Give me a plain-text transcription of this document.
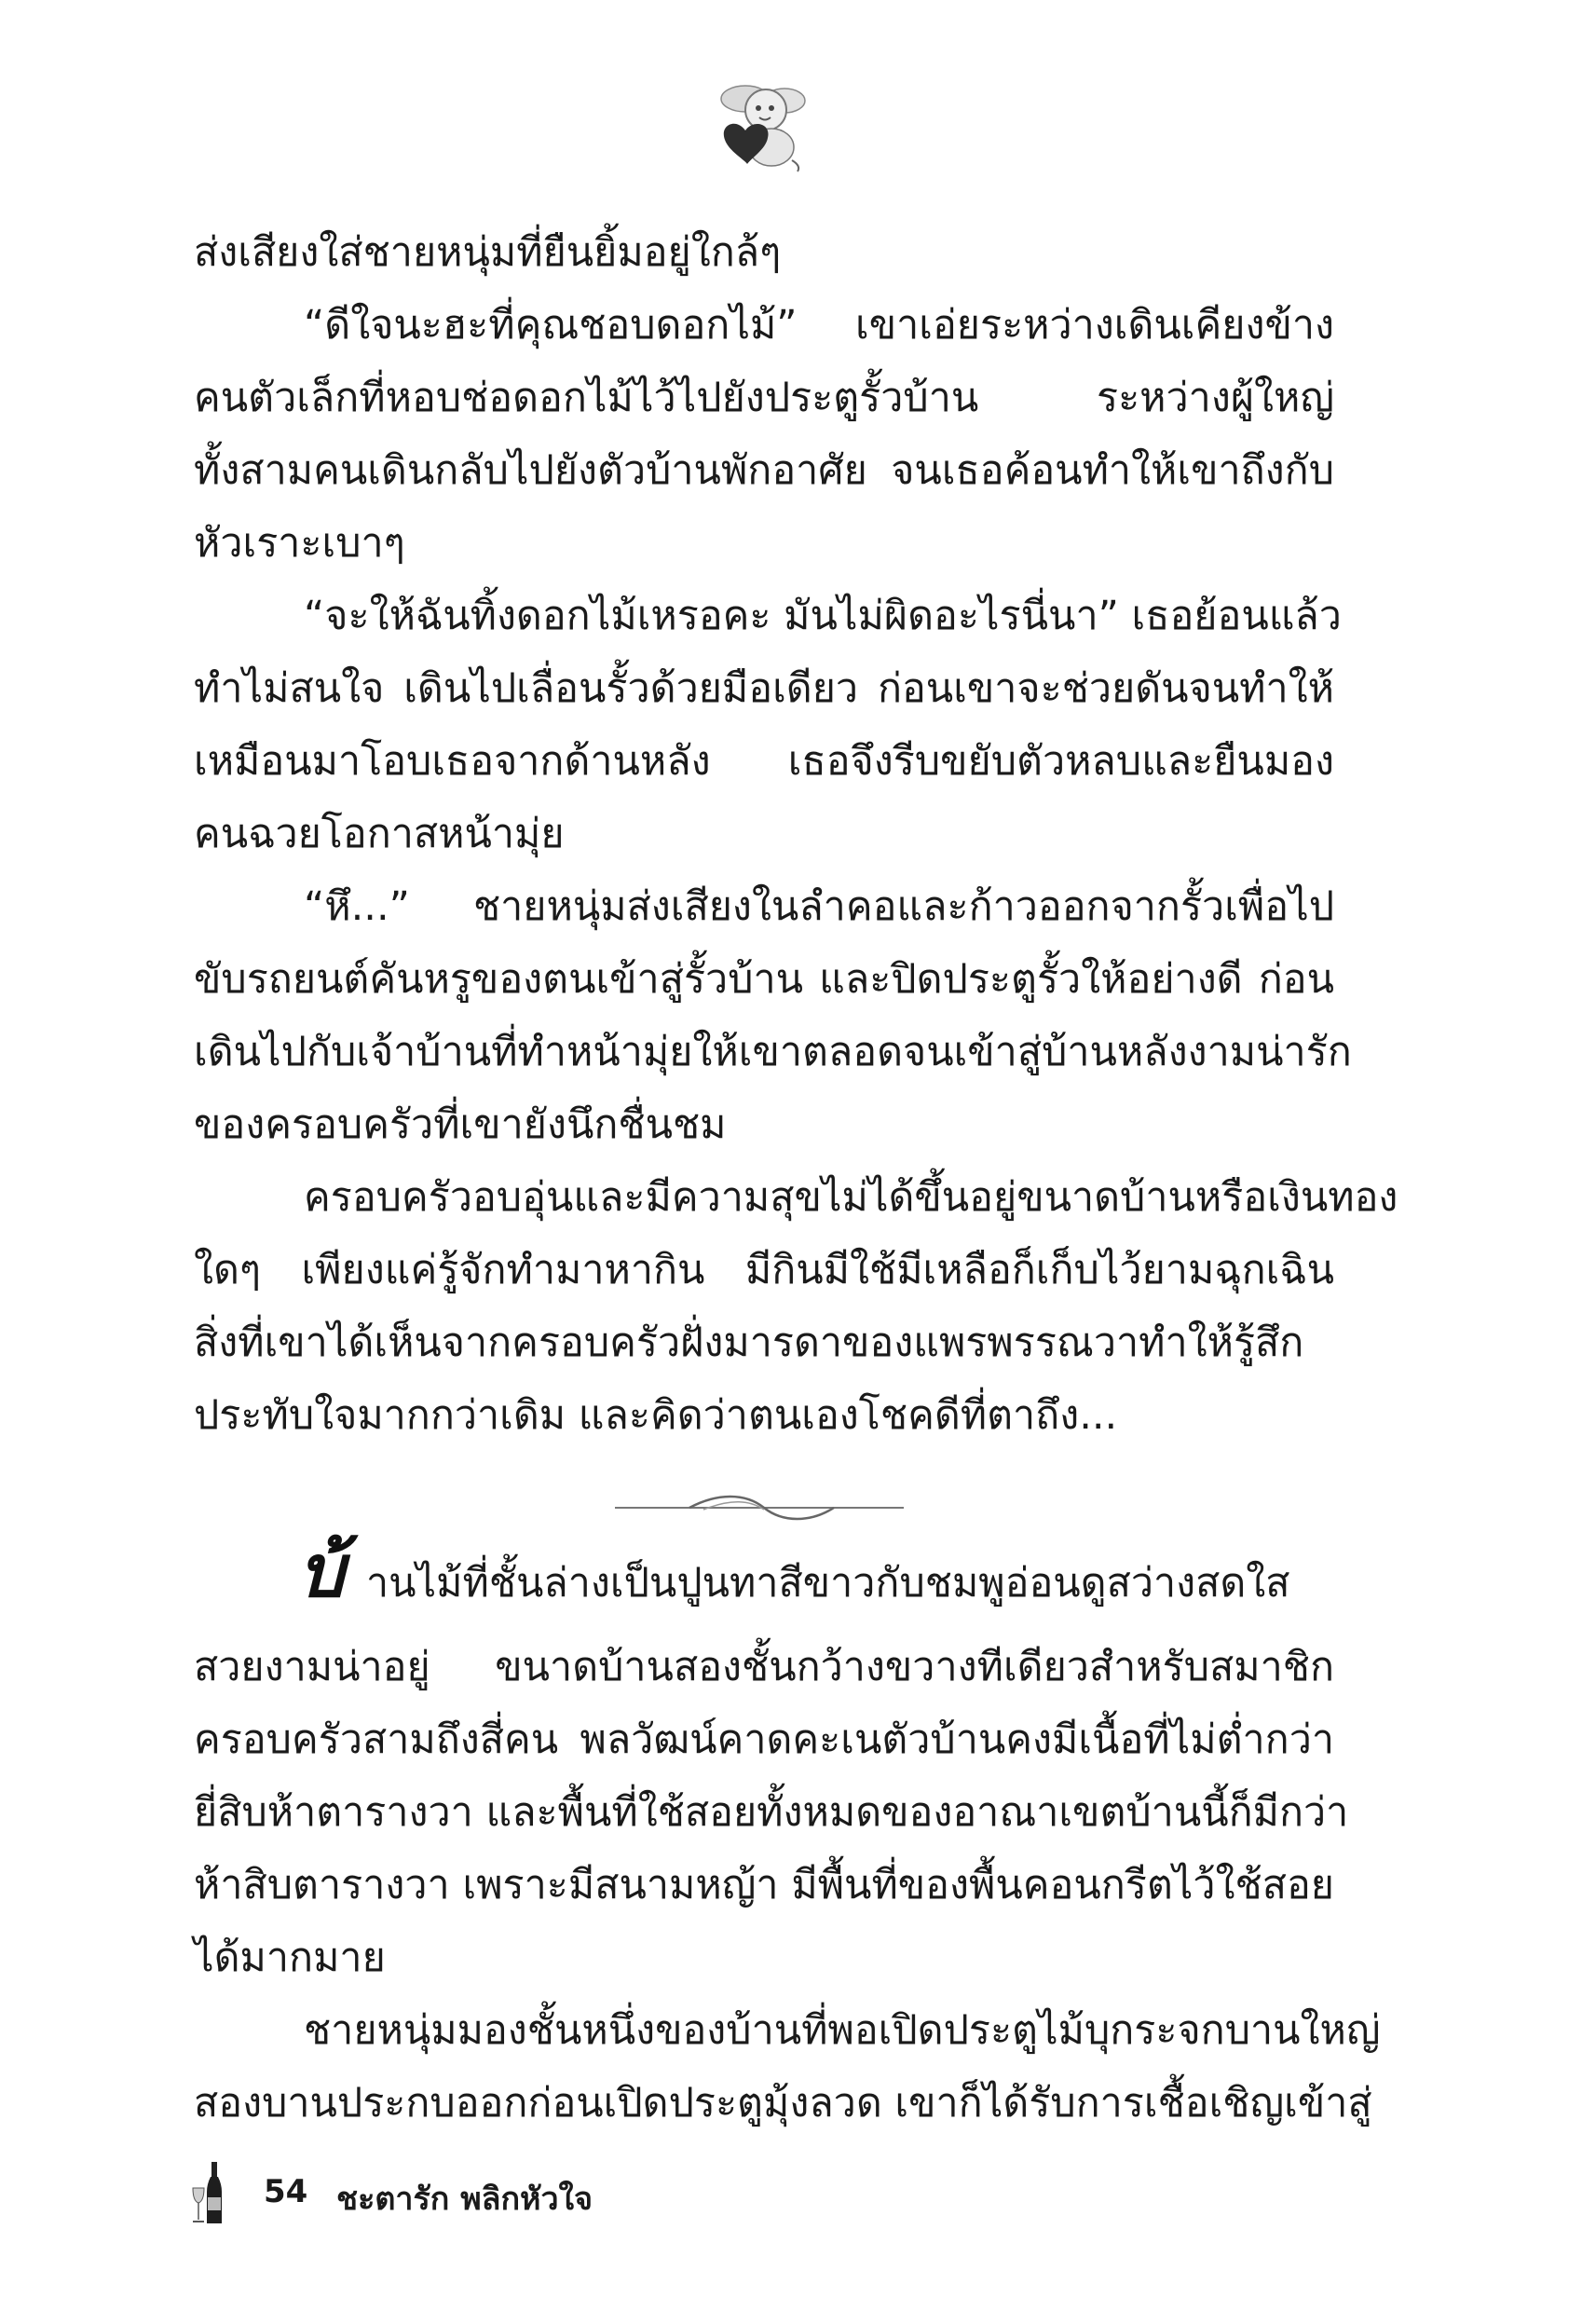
ส่งเสียงใส่ชายหนุ่มที่ยืนยิ้มอยู่ใกล้ๆ
“ดีใจนะฮะที่คุณชอบดอกไม้” เขาเอ่ยระหว่างเดินเคียงข้าง
คนตัวเล็กที่หอบช่อดอกไม้ไว้ไปยังประตูรั้วบ้าน ระหว่างผู้ใหญ่
ทั้งสามคนเดินกลับไปยังตัวบ้านพักอาศัย จนเธอค้อนทำให้เขาถึงกับ
หัวเราะเบาๆ
“จะให้ฉันทิ้งดอกไม้เหรอคะ มันไม่ผิดอะไรนี่นา” เธอย้อนแล้ว
ทำไม่สนใจ เดินไปเลื่อนรั้วด้วยมือเดียว ก่อนเขาจะช่วยดันจนทำให้
เหมือนมาโอบเธอจากด้านหลัง เธอจึงรีบขยับตัวหลบและยืนมอง
คนฉวยโอกาสหน้ามุ่ย
“หึ...” ชายหนุ่มส่งเสียงในลำคอและก้าวออกจากรั้วเพื่อไป
ขับรถยนต์คันหรูของตนเข้าสู่รั้วบ้าน และปิดประตูรั้วให้อย่างดี ก่อน
เดินไปกับเจ้าบ้านที่ทำหน้ามุ่ยให้เขาตลอดจนเข้าสู่บ้านหลังงามน่ารัก
ของครอบครัวที่เขายังนึกชื่นชม
ครอบครัวอบอุ่นและมีความสุขไม่ได้ขึ้นอยู่ขนาดบ้านหรือเงินทอง
ใดๆ เพียงแค่รู้จักทำมาหากิน มีกินมีใช้มีเหลือก็เก็บไว้ยามฉุกเฉิน
สิ่งที่เขาได้เห็นจากครอบครัวฝั่งมารดาของแพรพรรณวาทำให้รู้สึก
ประทับใจมากกว่าเดิม และคิดว่าตนเองโชคดีที่ตาถึง...
บ้ านไม้ที่ชั้นล่างเป็นปูนทาสีขาวกับชมพูอ่อนดูสว่างสดใส
สวยงามน่าอยู่ ขนาดบ้านสองชั้นกว้างขวางทีเดียวสำหรับสมาชิก
ครอบครัวสามถึงสี่คน พลวัฒน์คาดคะเนตัวบ้านคงมีเนื้อที่ไม่ต่ำกว่า
ยี่สิบห้าตารางวา และพื้นที่ใช้สอยทั้งหมดของอาณาเขตบ้านนี้ก็มีกว่า
ห้าสิบตารางวา เพราะมีสนามหญ้า มีพื้นที่ของพื้นคอนกรีตไว้ใช้สอย
ได้มากมาย
ชายหนุ่มมองชั้นหนึ่งของบ้านที่พอเปิดประตูไม้บุกระจกบานใหญ่
สองบานประกบออกก่อนเปิดประตูมุ้งลวด เขาก็ได้รับการเชื้อเชิญเข้าสู่
54 ชะตารัก พลิกหัวใจ
